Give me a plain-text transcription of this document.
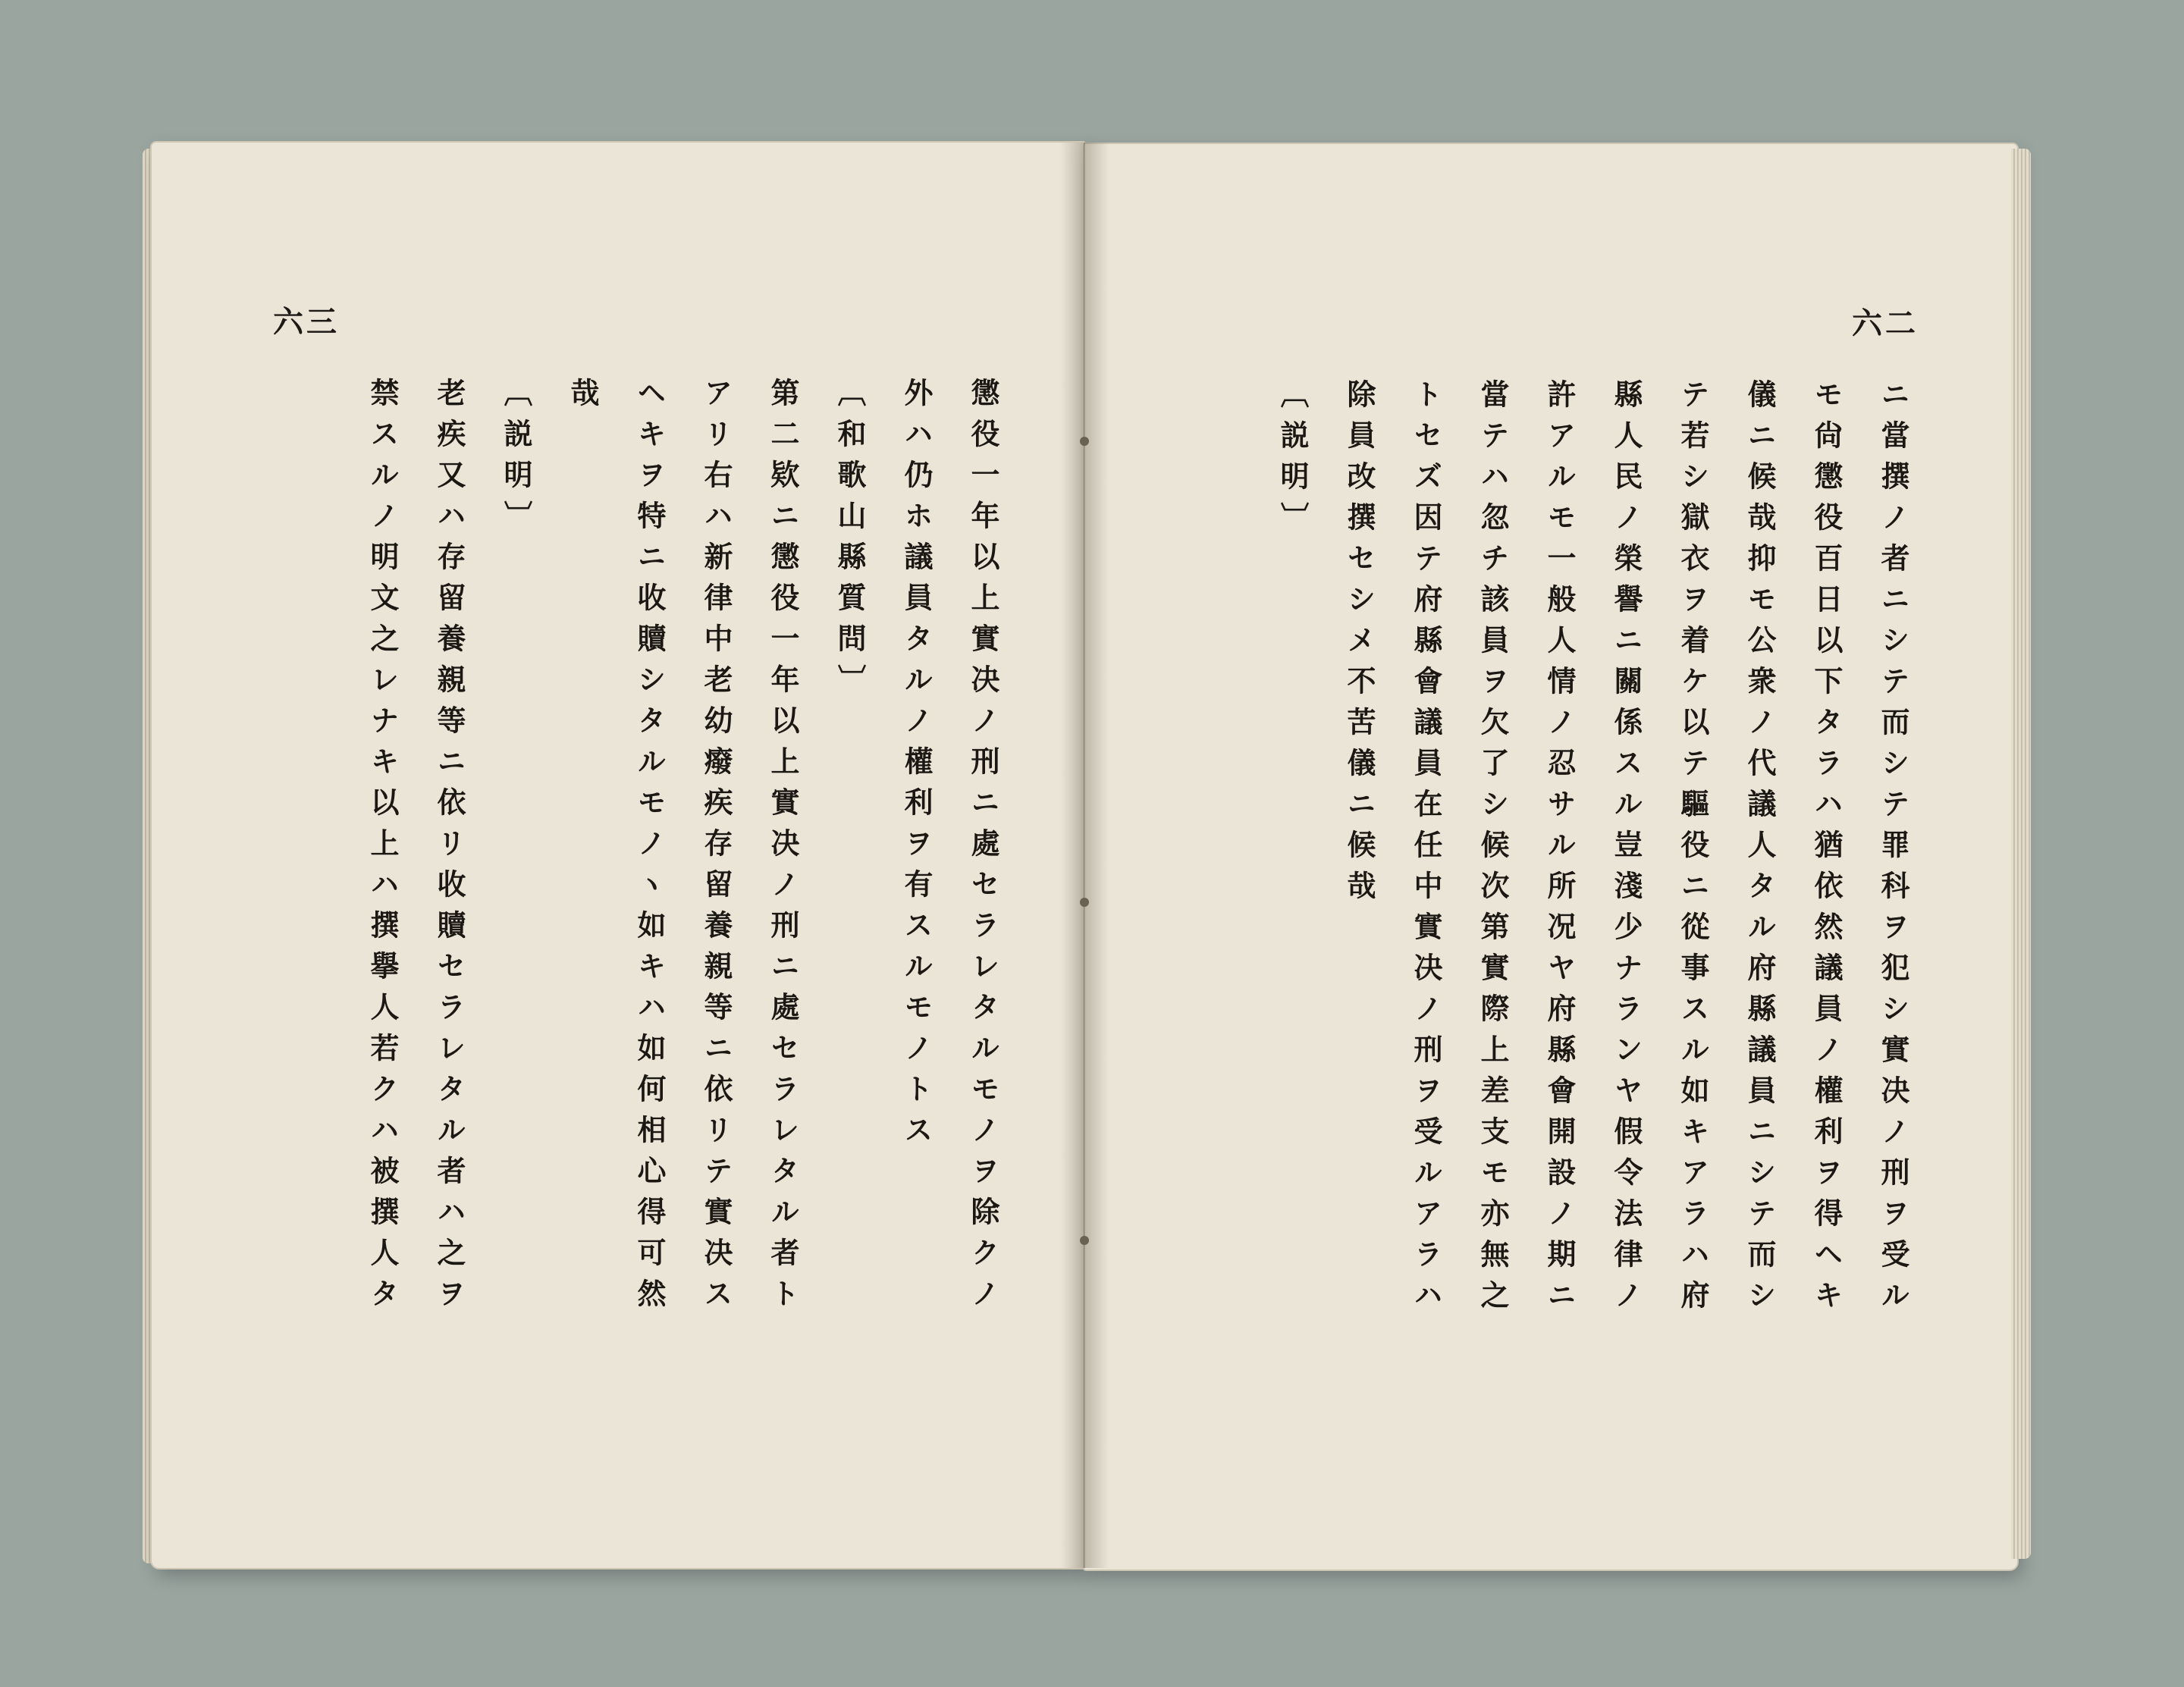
六三
懲役一年以上實决ノ刑ニ處セラレタルモノヲ除クノ
外ハ仍ホ議員タルノ權利ヲ有スルモノトス
〔和歌山縣質問〕
第二欵ニ懲役一年以上實决ノ刑ニ處セラレタル者ト
アリ右ハ新律中老幼癈疾存留養親等ニ依リテ實决ス
ヘキヲ特ニ收贖シタルモノヽ如キハ如何相心得可然
哉
〔説明〕
老疾又ハ存留養親等ニ依リ收贖セラレタル者ハ之ヲ
禁スルノ明文之レナキ以上ハ撰擧人若クハ被撰人タ
六二
ニ當撰ノ者ニシテ而シテ罪科ヲ犯シ實决ノ刑ヲ受ル
モ尙懲役百日以下タラハ猶依然議員ノ權利ヲ得ヘキ
儀ニ候哉抑モ公衆ノ代議人タル府縣議員ニシテ而シ
テ若シ獄衣ヲ着ケ以テ驅役ニ從事スル如キアラハ府
縣人民ノ榮譽ニ關係スル豈淺少ナランヤ假令法律ノ
許アルモ一般人情ノ忍サル所况ヤ府縣會開設ノ期ニ
當テハ忽チ該員ヲ欠了シ候次第實際上差支モ亦無之
トセズ因テ府縣會議員在任中實决ノ刑ヲ受ルアラハ
除員改撰セシメ不苦儀ニ候哉
〔説明〕
